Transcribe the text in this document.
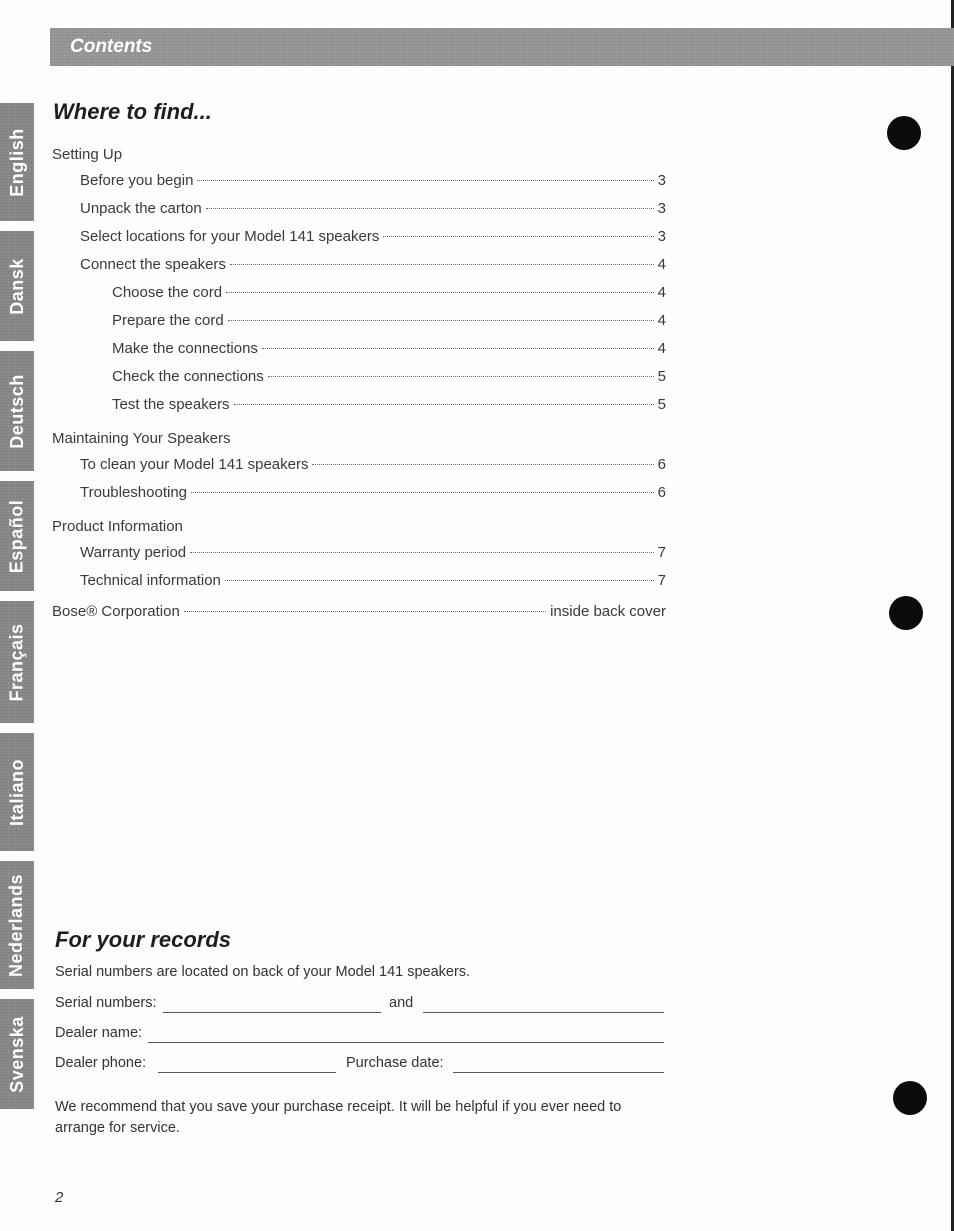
Contents
English
Dansk
Deutsch
Español
Français
Italiano
Nederlands
Svenska
Where to find...
Setting Up
Before you begin	3
Unpack the carton	3
Select locations for your Model 141 speakers	3
Connect the speakers	4
Choose the cord	4
Prepare the cord	4
Make the connections	4
Check the connections	5
Test the speakers	5
Maintaining Your Speakers
To clean your Model 141 speakers	6
Troubleshooting	6
Product Information
Warranty period	7
Technical information	7
Bose® Corporation	inside back cover
For your records
Serial numbers are located on back of your Model 141 speakers.
Serial numbers:	and
Dealer name:
Dealer phone:	Purchase date:
We recommend that you save your purchase receipt. It will be helpful if you ever need to arrange for service.
2
